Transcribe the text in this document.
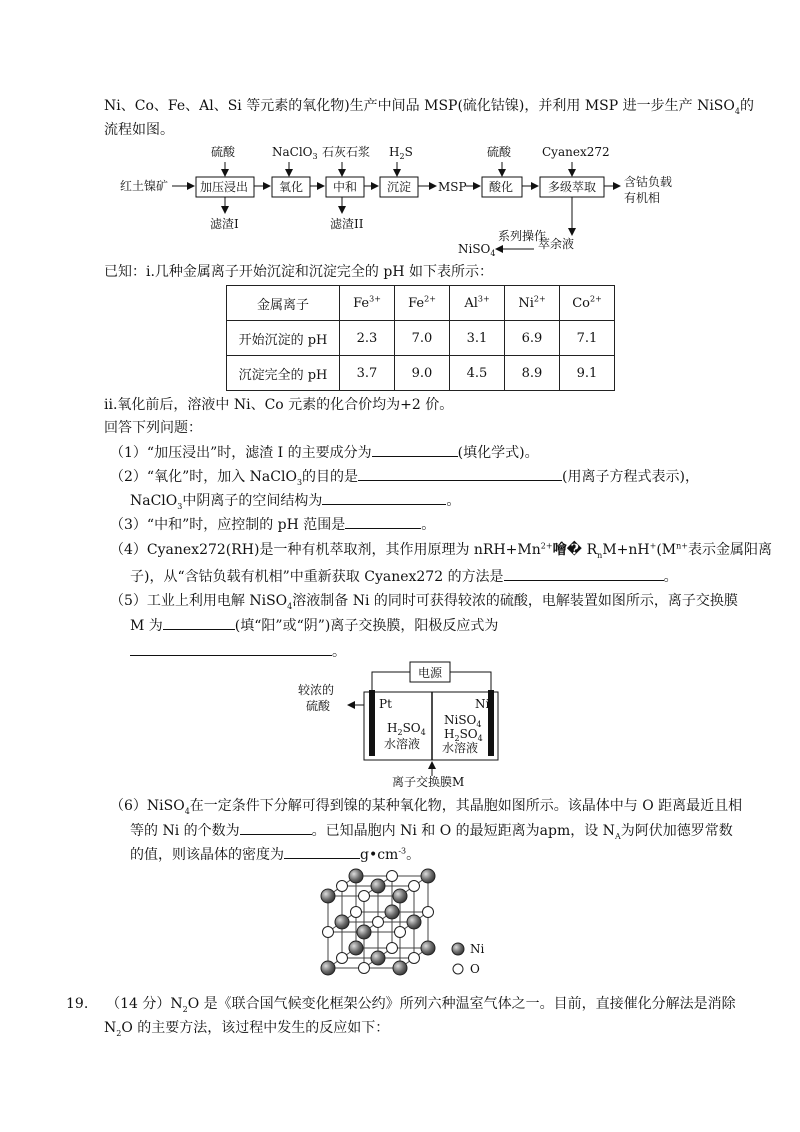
Ni、Co、Fe、Al、Si 等元素的氧化物)生产中间品 MSP(硫化钴镍)，并利用 MSP 进一步生产 NiSO$_4$的
流程如图。
硫酸	NaClO$_3$ 石灰石浆 $H_2S$	硫酸	Cyanex272
红土镍矿	加压浸出	氧化 中和 沉淀 MSP 酸化	多级萃取 含钴负载
有机相
滤渣I	滤渣II
萃余液
系列操作
NiSO$_4$
已知：i.几种金属离子开始沉淀和沉淀完全的 pH 如下表所示：
金属离子	$Fe^{3+}$	$Fe^{2+}$	$Al^{3+}$	$Ni^{2+}$	$Co^{2+}$
开始沉淀的 pH	2.3	7.0	3.1	6.9	7.1
沉淀完全的 pH	3.7	9.0	4.5	8.9	9.1
ii.氧化前后，溶液中 Ni、Co 元素的化合价均为+2 价。
回答下列问题：
（1）“加压浸出”时，滤渣 I 的主要成分为	(填化学式)。
（2）“氧化”时，加入 NaClO$_3$的目的是	(用离子方程式表示)，
NaClO$_3$中阴离子的空间结构为	。
（3）“中和”时，应控制的 pH 范围是	。
（4）Cyanex272(RH)是一种有机萃取剂，其作用原理为 $nRH+Mn^{2+}$噲� $R_nM+nH^+(M^{n+}$表示金属阳离
子)，从“含钴负载有机相”中重新获取 Cyanex272 的方法是	。
（5）工业上利用电解 NiSO$_4$溶液制备 Ni 的同时可获得较浓的硫酸，电解装置如图所示，离子交换膜
M 为	(填“阳”或“阴”)离子交换膜，阳极反应式为
。
电源
较浓的
硫酸	Pt	Ni
$H_2SO_4$
水溶液
NiSO$_4$
$H_2SO_4$
水溶液
离子交换膜M
（6）NiSO$_4$在一定条件下分解可得到镍的某种氧化物，其晶胞如图所示。该晶体中与 O 距离最近且相
等的 Ni 的个数为	。已知晶胞内 Ni 和 O 的最短距离为apm，设 $N_A$为阿伏加德罗常数
的值，则该晶体的密度为	$g•cm^{-3}$。
Ni
O
19. （14 分）$N_2O$ 是《联合国气候变化框架公约》所列六种温室气体之一。目前，直接催化分解法是消除
$N_2O$ 的主要方法，该过程中发生的反应如下：
